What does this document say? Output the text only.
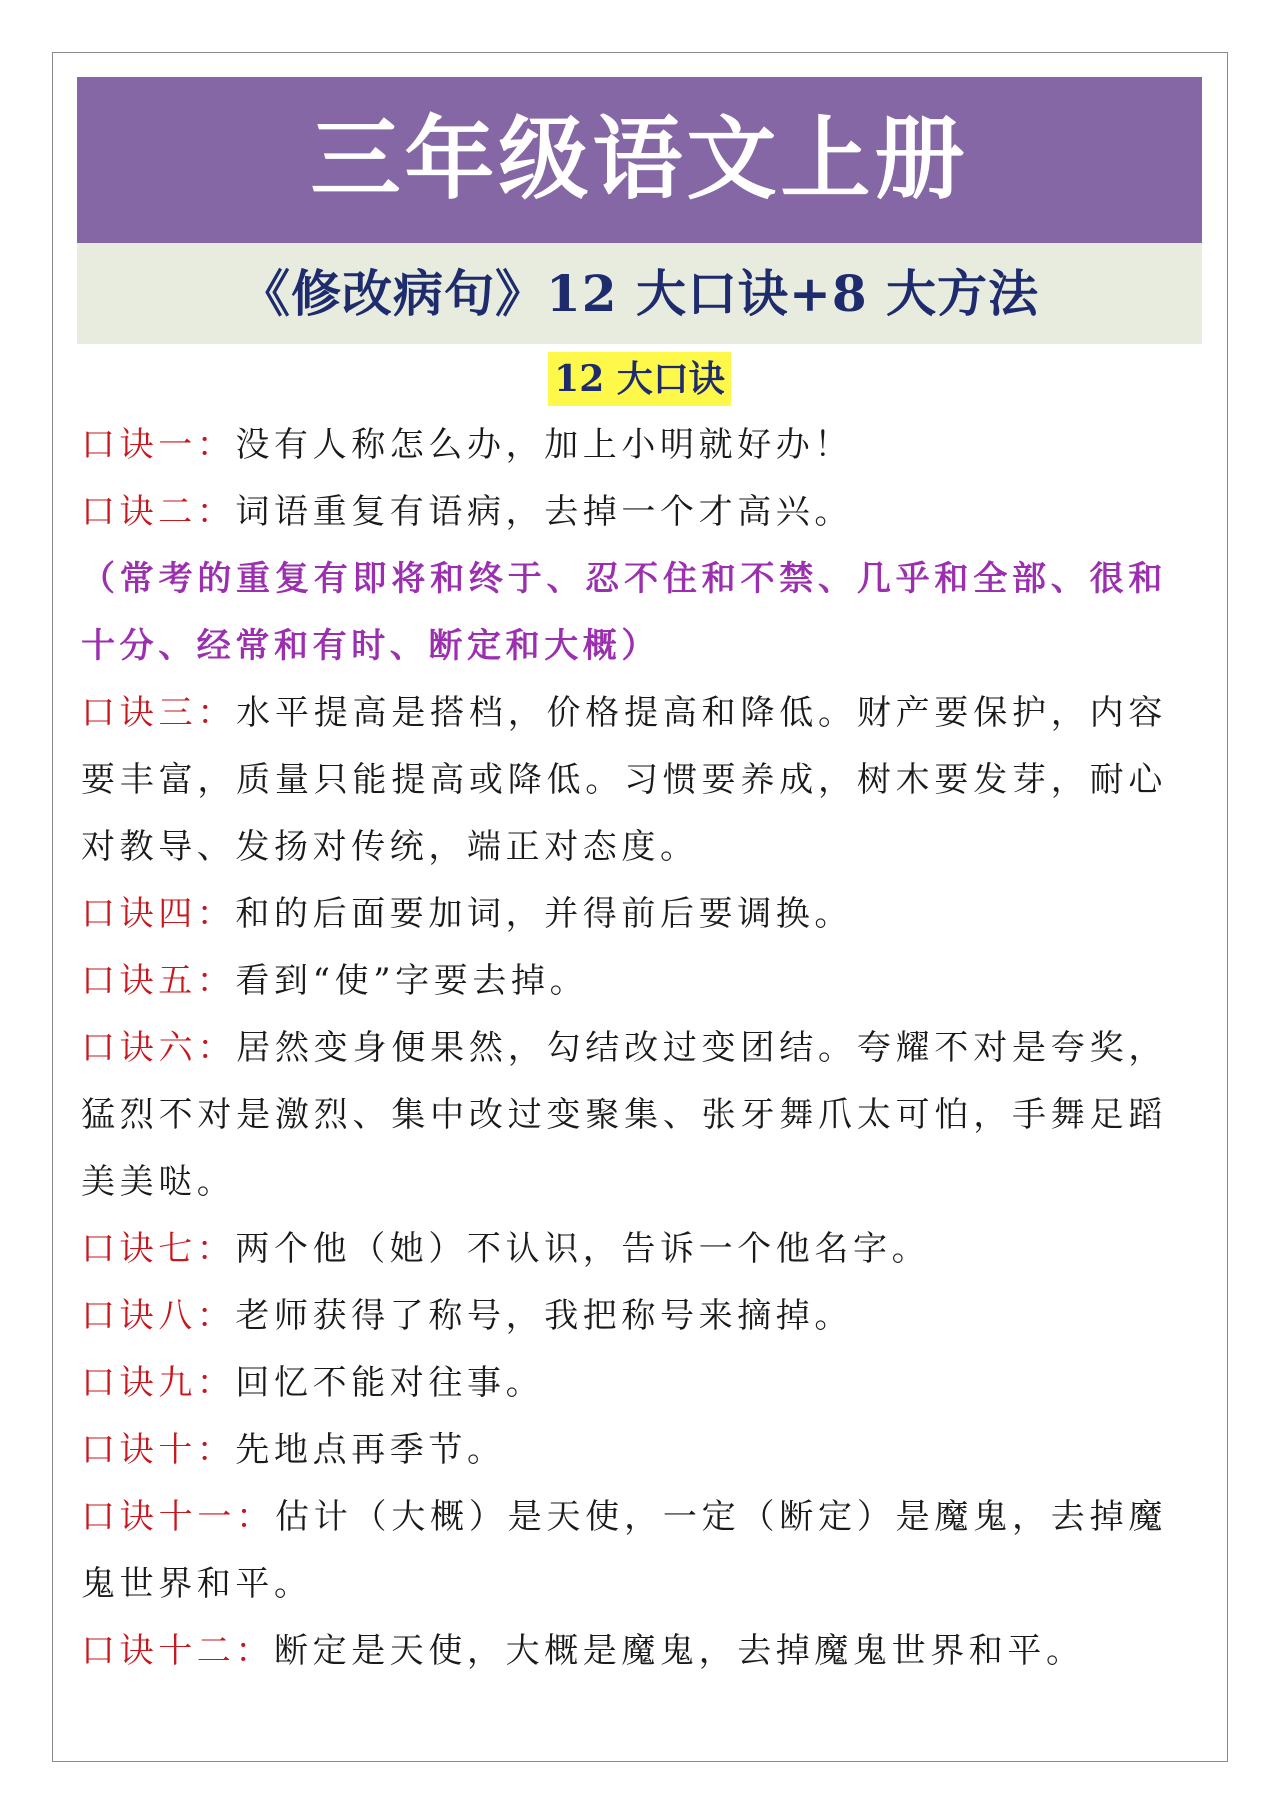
三年级语文上册
《修改病句》12 大口诀+8 大方法
12 大口诀

口诀一：没有人称怎么办，加上小明就好办！

口诀二：词语重复有语病，去掉一个才高兴。

（常考的重复有即将和终于、忍不住和不禁、几乎和全部、很和十分、经常和有时、断定和大概）

口诀三：水平提高是搭档，价格提高和降低。财产要保护，内容要丰富，质量只能提高或降低。习惯要养成，树木要发芽，耐心对教导、发扬对传统，端正对态度。

口诀四：和的后面要加词，并得前后要调换。

口诀五：看到“使”字要去掉。

口诀六：居然变身便果然，勾结改过变团结。夸耀不对是夸奖，猛烈不对是激烈、集中改过变聚集、张牙舞爪太可怕，手舞足蹈美美哒。

口诀七：两个他（她）不认识，告诉一个他名字。

口诀八：老师获得了称号，我把称号来摘掉。

口诀九：回忆不能对往事。

口诀十：先地点再季节。

口诀十一：估计（大概）是天使，一定（断定）是魔鬼，去掉魔鬼世界和平。

口诀十二：断定是天使，大概是魔鬼，去掉魔鬼世界和平。
